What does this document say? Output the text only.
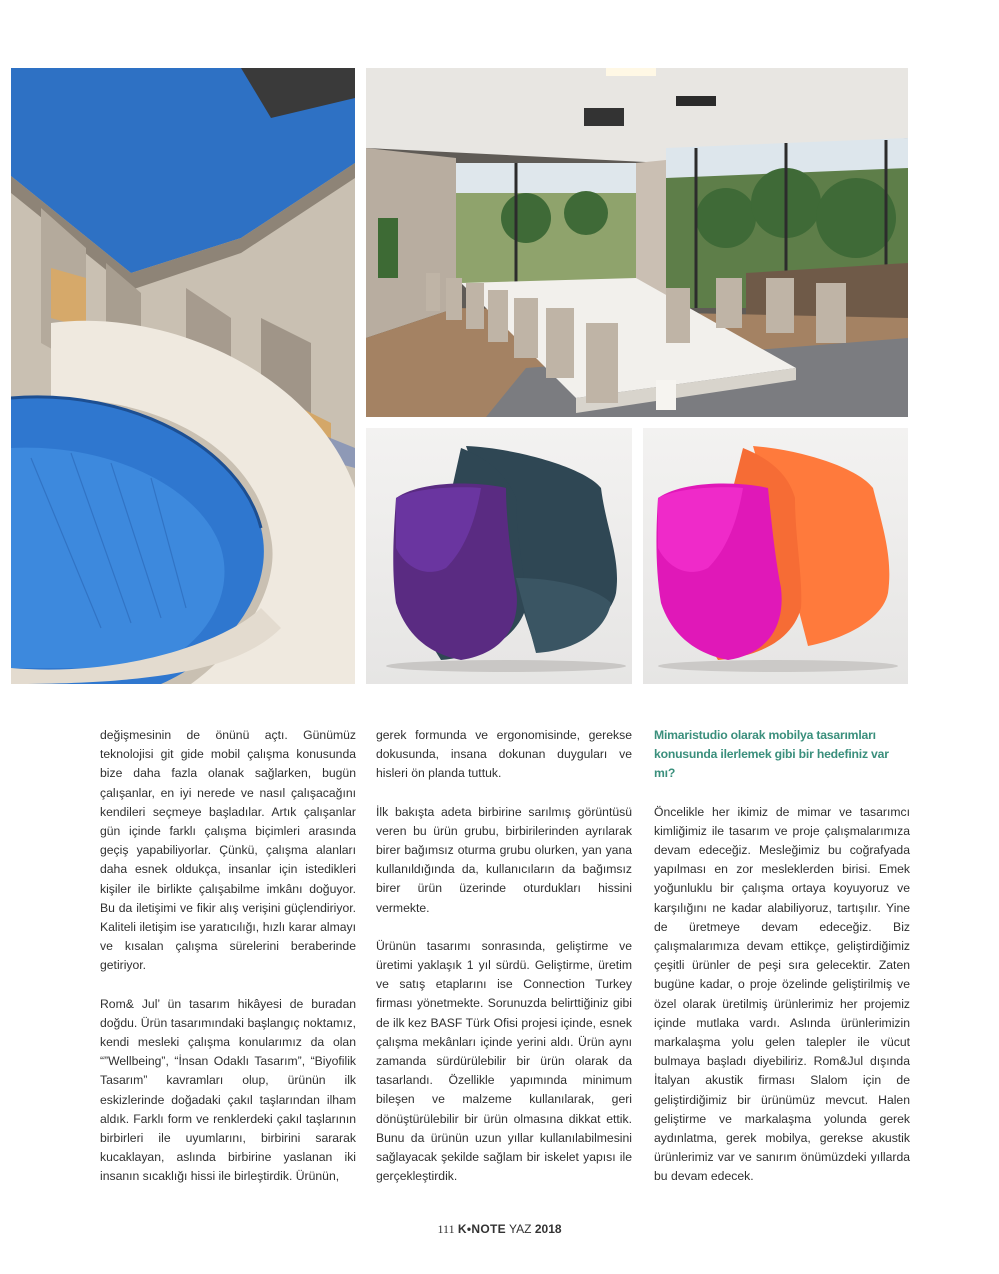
değişmesinin de önünü açtı. Günümüz teknolojisi git gide mobil çalışma konusunda bize daha fazla olanak sağlarken, bugün çalışanlar, en iyi nerede ve nasıl çalışacağını kendileri seçmeye başladılar. Artık çalışanlar gün içinde farklı çalışma biçimleri arasında geçiş yapabiliyorlar. Çünkü, çalışma alanları daha esnek oldukça, insanlar için istedikleri kişiler ile birlikte çalışabilme imkânı doğuyor. Bu da iletişimi ve fikir alış verişini güçlendiriyor. Kaliteli iletişim ise yaratıcılığı, hızlı karar almayı ve kısalan çalışma sürelerini beraberinde getiriyor.

Rom& Jul’ ün tasarım hikâyesi de buradan doğdu. Ürün tasarımındaki başlangıç noktamız, kendi mesleki çalışma konularımız da olan “”Wellbeing”, “İnsan Odaklı Tasarım”, “Biyofilik Tasarım” kavramları olup, ürünün ilk eskizlerinde doğadaki çakıl taşlarından ilham aldık. Farklı form ve renklerdeki çakıl taşlarının birbirleri ile uyumlarını, birbirini sararak kucaklayan, aslında birbirine yaslanan iki insanın sıcaklığı hissi ile birleştirdik. Ürünün,

gerek formunda ve ergonomisinde, gerekse dokusunda, insana dokunan duyguları ve hisleri ön planda tuttuk.

İlk bakışta adeta birbirine sarılmış görüntüsü veren bu ürün grubu, birbirilerinden ayrılarak birer bağımsız oturma grubu olurken, yan yana kullanıldığında da, kullanıcıların da bağımsız birer ürün üzerinde oturdukları hissini vermekte.

Ürünün tasarımı sonrasında, geliştirme ve üretimi yaklaşık 1 yıl sürdü. Geliştirme, üretim ve satış etaplarını ise Connection Turkey firması yönetmekte. Sorunuzda belirttiğiniz gibi de ilk kez BASF Türk Ofisi projesi içinde, esnek çalışma mekânları içinde yerini aldı. Ürün aynı zamanda sürdürülebilir bir ürün olarak da tasarlandı. Özellikle yapımında minimum bileşen ve malzeme kullanılarak, geri dönüştürülebilir bir ürün olmasına dikkat ettik. Bunu da ürünün uzun yıllar kullanılabilmesini sağlayacak şekilde sağlam bir iskelet yapısı ile gerçekleştirdik.

Mimaristudio olarak mobilya tasarımları konusunda ilerlemek gibi bir hedefiniz var mı?

Öncelikle her ikimiz de mimar ve tasarımcı kimliğimiz ile tasarım ve proje çalışmalarımıza devam edeceğiz. Mesleğimiz bu coğrafyada yapılması en zor mesleklerden birisi. Emek yoğunluklu bir çalışma ortaya koyuyoruz ve karşılığını ne kadar alabiliyoruz, tartışılır. Yine de üretmeye devam edeceğiz. Biz çalışmalarımıza devam ettikçe, geliştirdiğimiz çeşitli ürünler de peşi sıra gelecektir. Zaten bugüne kadar, o proje özelinde geliştirilmiş ve özel olarak üretilmiş ürünlerimiz her projemiz içinde mutlaka vardı. Aslında ürünlerimizin markalaşma yolu gelen talepler ile vücut bulmaya başladı diyebiliriz. Rom&Jul dışında İtalyan akustik firması Slalom için de geliştirdiğimiz bir ürünümüz mevcut. Halen geliştirme ve markalaşma yolunda gerek aydınlatma, gerek mobilya, gerekse akustik ürünlerimiz var ve sanırım önümüzdeki yıllarda bu devam edecek.

111 K•NOTE YAZ 2018
